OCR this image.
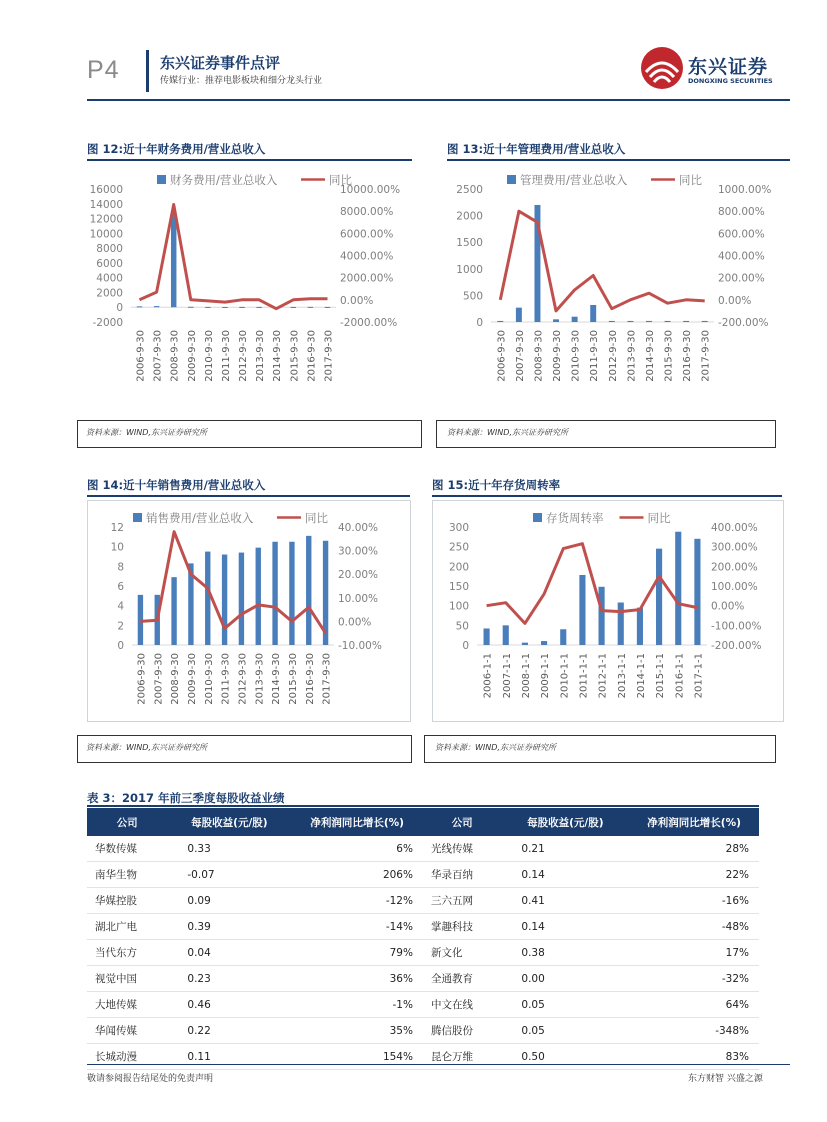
P4	东兴证券事件点评
传媒行业：推荐电影板块和细分龙头行业
东兴证券
DONGXING SECURITIES
图 12:近十年财务费用/营业总收入
财务费用/营业总收入	同比
-2000
0
2000
4000
6000
8000
10000
12000
14000
16000
-2000.00%
0.00%
2000.00%
4000.00%
6000.00%
8000.00%
10000.00%
2006-9-30 2007-9-30 2008-9-30 2009-9-30 2010-9-30 2011-9-30 2012-9-30 2013-9-30 2014-9-30 2015-9-30 2016-9-30 2017-9-30
图 13:近十年管理费用/营业总收入
管理费用/营业总收入	同比
0
500
1000
1500
2000
2500
-200.00%
0.00%
200.00%
400.00%
600.00%
800.00%
1000.00%
2006-9-30 2007-9-30 2008-9-30 2009-9-30 2010-9-30 2011-9-30 2012-9-30 2013-9-30 2014-9-30 2015-9-30 2016-9-30 2017-9-30
资料来源：WIND,东兴证券研究所	资料来源：WIND,东兴证券研究所
图 14:近十年销售费用/营业总收入
销售费用/营业总收入	同比
0
2
4
6
8
10
12
-10.00%
0.00%
10.00%
20.00%
30.00%
40.00%
2006-9-30 2007-9-30 2008-9-30 2009-9-30 2010-9-30 2011-9-30 2012-9-30 2013-9-30 2014-9-30 2015-9-30 2016-9-30 2017-9-30
图 15:近十年存货周转率
存货周转率	同比
0
50
100
150
200
250
300
-200.00%
-100.00%
0.00%
100.00%
200.00%
300.00%
400.00%
2006-1-1 2007-1-1 2008-1-1 2009-1-1 2010-1-1 2011-1-1 2012-1-1 2013-1-1 2014-1-1 2015-1-1 2016-1-1 2017-1-1
资料来源：WIND,东兴证券研究所	资料来源：WIND,东兴证券研究所
表 3：2017 年前三季度每股收益业绩
公司	每股收益(元/股)	净利润同比增长(%)	公司	每股收益(元/股)	净利润同比增长(%)
华数传媒	0.33	6%	光线传媒	0.21	28%
南华生物	-0.07	206%	华录百纳	0.14	22%
华媒控股	0.09	-12%	三六五网	0.41	-16%
湖北广电	0.39	-14%	掌趣科技	0.14	-48%
当代东方	0.04	79%	新文化	0.38	17%
视觉中国	0.23	36%	全通教育	0.00	-32%
大地传媒	0.46	-1%	中文在线	0.05	64%
华闻传媒	0.22	35%	腾信股份	0.05	-348%
长城动漫	0.11	154%	昆仑万维	0.50	83%
敬请参阅报告结尾处的免责声明	东方财智 兴盛之源
